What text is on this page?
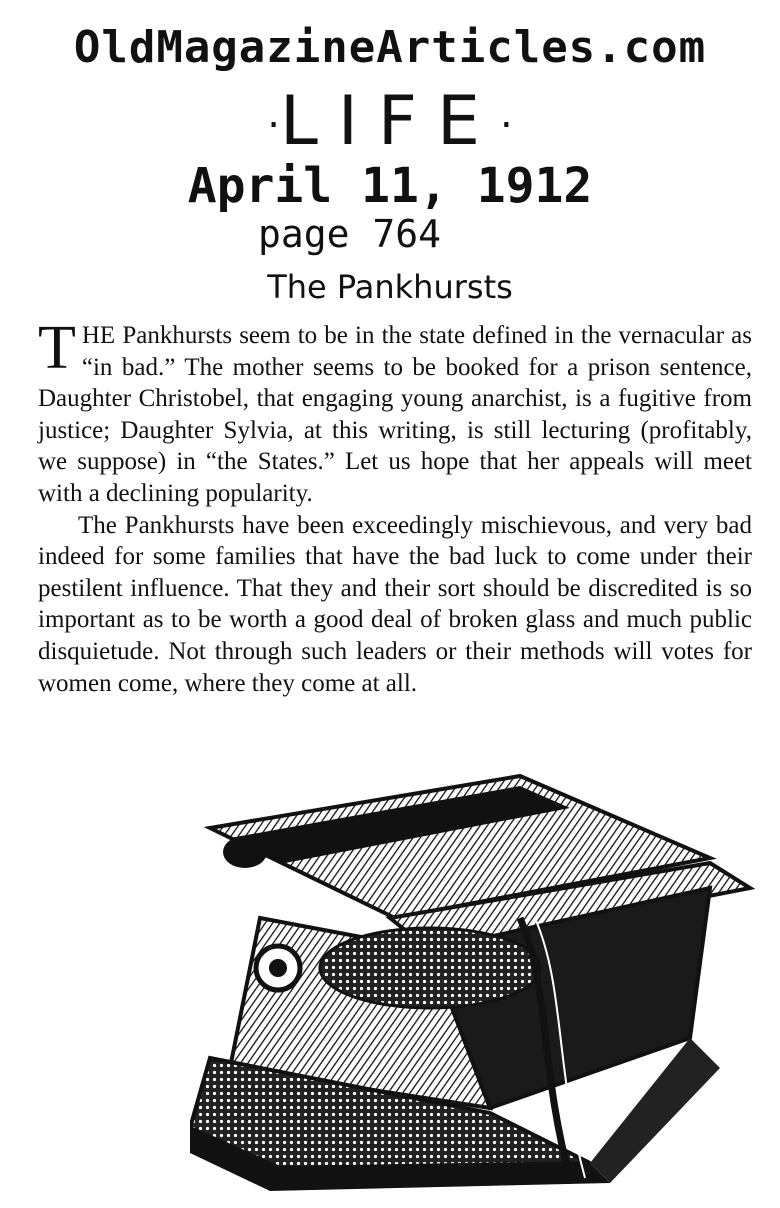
OldMagazineArticles.com
·LIFE·
April 11, 1912
page 764
The Pankhursts

THE Pankhursts seem to be in the state defined in the vernacular as “in bad.” The mother seems to be booked for a prison sentence, Daughter Christobel, that engaging young anarchist, is a fugitive from justice; Daughter Sylvia, at this writing, is still lecturing (profitably, we suppose) in “the States.” Let us hope that her appeals will meet with a declining popularity.

The Pankhursts have been exceedingly mischievous, and very bad indeed for some families that have the bad luck to come under their pestilent influence. That they and their sort should be discredited is so important as to be worth a good deal of broken glass and much public disquietude. Not through such leaders or their methods will votes for women come, where they come at all.
